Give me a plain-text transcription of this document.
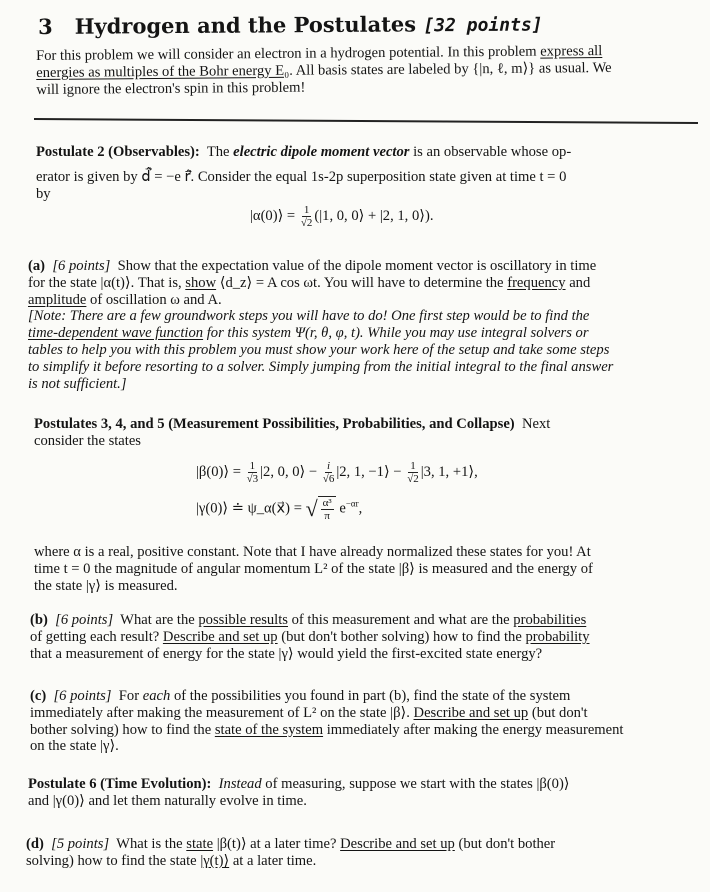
3 Hydrogen and the Postulates [32 points]
For this problem we will consider an electron in a hydrogen potential. In this problem express all
energies as multiples of the Bohr energy E₀. All basis states are labeled by {|n, ℓ, m⟩} as usual. We
will ignore the electron's spin in this problem!
Postulate 2 (Observables): The electric dipole moment vector is an observable whose op-
erator is given by d⃗̂ = −e r⃗̂. Consider the equal 1s-2p superposition state given at time t = 0
by
|α(0)⟩ = $\frac{1}{√2} (|1$, 0, 0⟩ + |2, 1, 0⟩).
(a) [6 points] Show that the expectation value of the dipole moment vector is oscillatory in time
for the state |α(t)⟩. That is, show ⟨d_z⟩ = A cos ωt. You will have to determine the frequency and
amplitude of oscillation ω and A.
[Note: There are a few groundwork steps you will have to do! One first step would be to find the
time-dependent wave function for this system Ψ(r, θ, φ, t). While you may use integral solvers or
tables to help you with this problem you must show your work here of the setup and take some steps
to simplify it before resorting to a solver. Simply jumping from the initial integral to the final answer
is not sufficient.]
Postulates 3, 4, and 5 (Measurement Possibilities, Probabilities, and Collapse) Next
consider the states
|β(0)⟩ = $\frac{1}{√3} |2$, 0, 0⟩ − $\frac{i}{√6} |2$, 1, −1⟩ − $\frac{1}{√2} |3$, 1, +1⟩,
|γ(0)⟩ ≐ ψ_α(x⃗) = √ $\frac{\text{α³}}{\pi} e^{-\alpha r}$,
where α is a real, positive constant. Note that I have already normalized these states for you! At
time t = 0 the magnitude of angular momentum L² of the state |β⟩ is measured and the energy of
the state |γ⟩ is measured.
(b) [6 points] What are the possible results of this measurement and what are the probabilities
of getting each result? Describe and set up (but don't bother solving) how to find the probability
that a measurement of energy for the state |γ⟩ would yield the first-excited state energy?
(c) [6 points] For each of the possibilities you found in part (b), find the state of the system
immediately after making the measurement of L² on the state |β⟩. Describe and set up (but don't
bother solving) how to find the state of the system immediately after making the energy measurement
on the state |γ⟩.
Postulate 6 (Time Evolution): Instead of measuring, suppose we start with the states |β(0)⟩
and |γ(0)⟩ and let them naturally evolve in time.
(d) [5 points] What is the state |β(t)⟩ at a later time? Describe and set up (but don't bother
solving) how to find the state |γ(t)⟩ at a later time.
